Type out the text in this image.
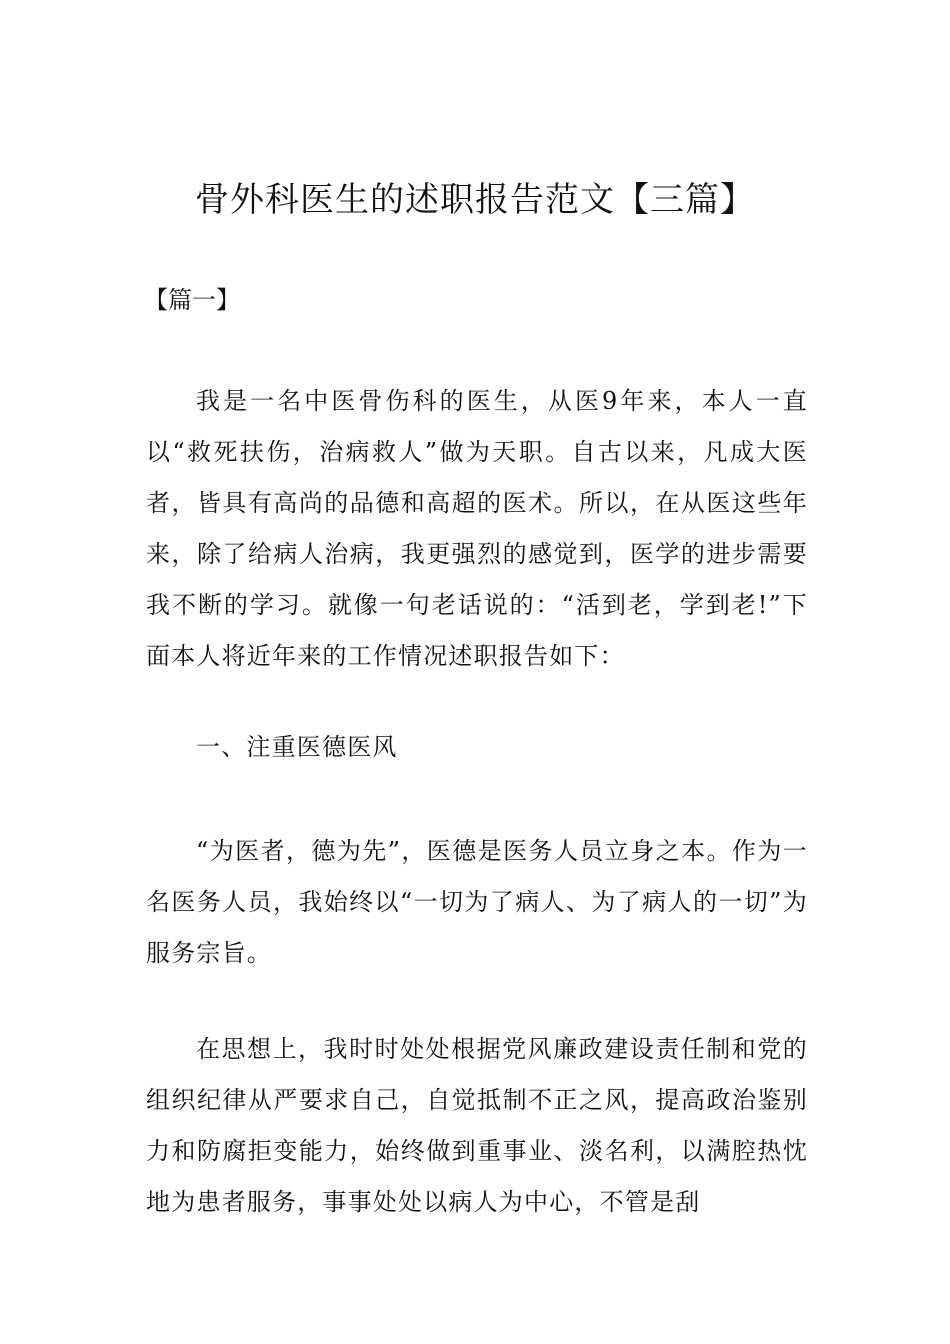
骨外科医生的述职报告范文【三篇】
【篇一】

我是一名中医骨伤科的医生，从医9年来，本人一直以“救死扶伤，治病救人”做为天职。自古以来，凡成大医者，皆具有高尚的品德和高超的医术。所以，在从医这些年来，除了给病人治病，我更强烈的感觉到，医学的进步需要我不断的学习。就像一句老话说的：“活到老，学到老!”下面本人将近年来的工作情况述职报告如下：

一、注重医德医风

“为医者，德为先”，医德是医务人员立身之本。作为一名医务人员，我始终以“一切为了病人、为了病人的一切”为服务宗旨。

在思想上，我时时处处根据党风廉政建设责任制和党的组织纪律从严要求自己，自觉抵制不正之风，提高政治鉴别力和防腐拒变能力，始终做到重事业、淡名利，以满腔热忱地为患者服务，事事处处以病人为中心，不管是刮
